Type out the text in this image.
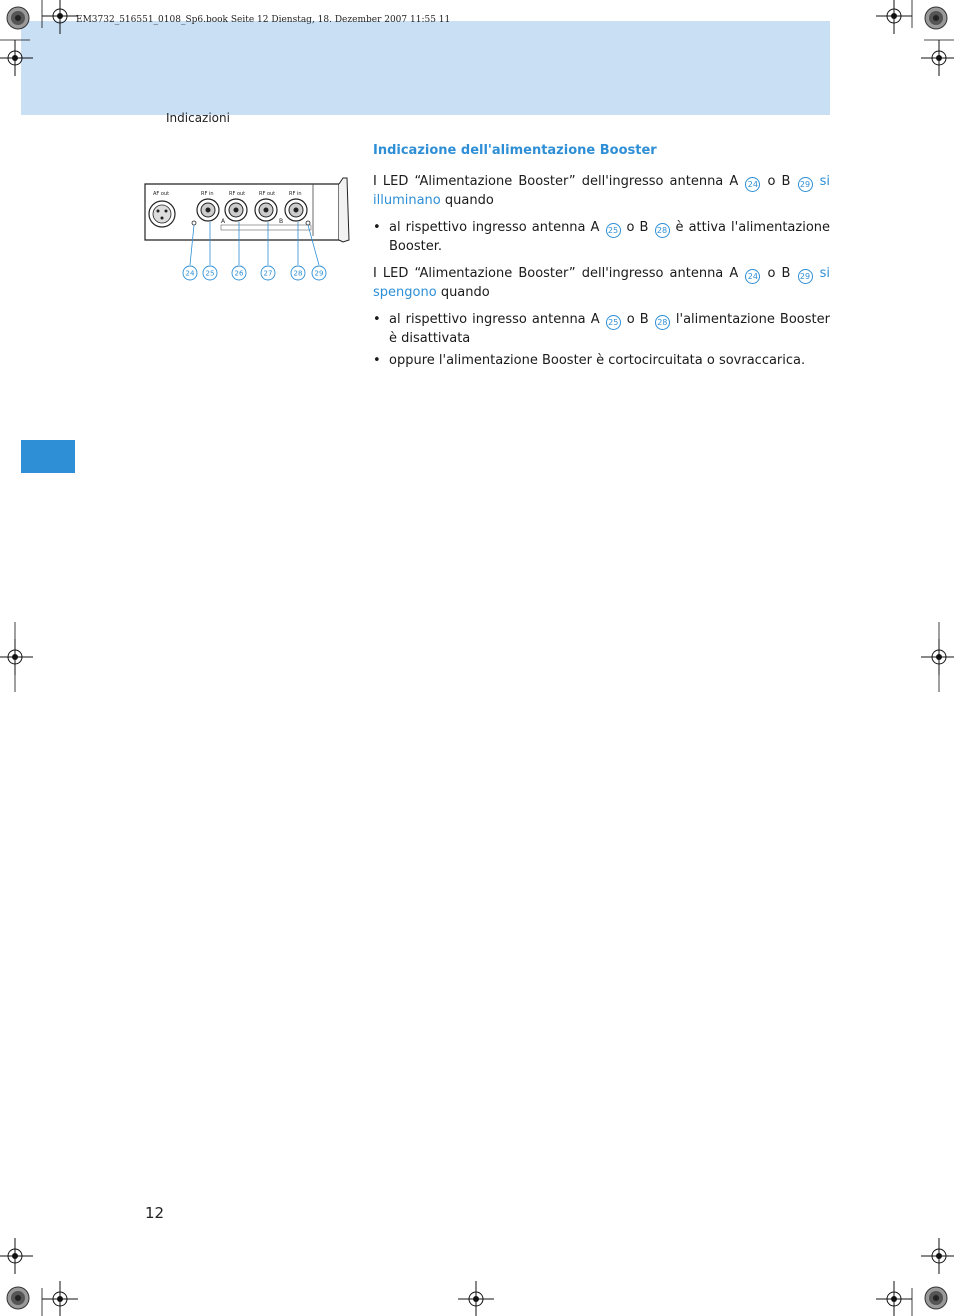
Indicazioni
EM3732_516551_0108_Sp6.book Seite 12 Dienstag, 18. Dezember 2007 11:55 11
AF out	RF in	RF out	RF out	RF in
A	B
24 25	26	27	28 29
Indicazione dell'alimentazione Booster

I LED “Alimentazione Booster” dell'ingresso antenna A 24 o B 29 si illuminano quando

• al rispettivo ingresso antenna A 25 o B 28 è attiva l'alimentazione Booster.

I LED “Alimentazione Booster” dell'ingresso antenna A 24 o B 29 si spengono quando

• al rispettivo ingresso antenna A 25 o B 28 l'alimentazione Booster è disattivata
• oppure l'alimentazione Booster è cortocircuitata o sovraccarica.
12
